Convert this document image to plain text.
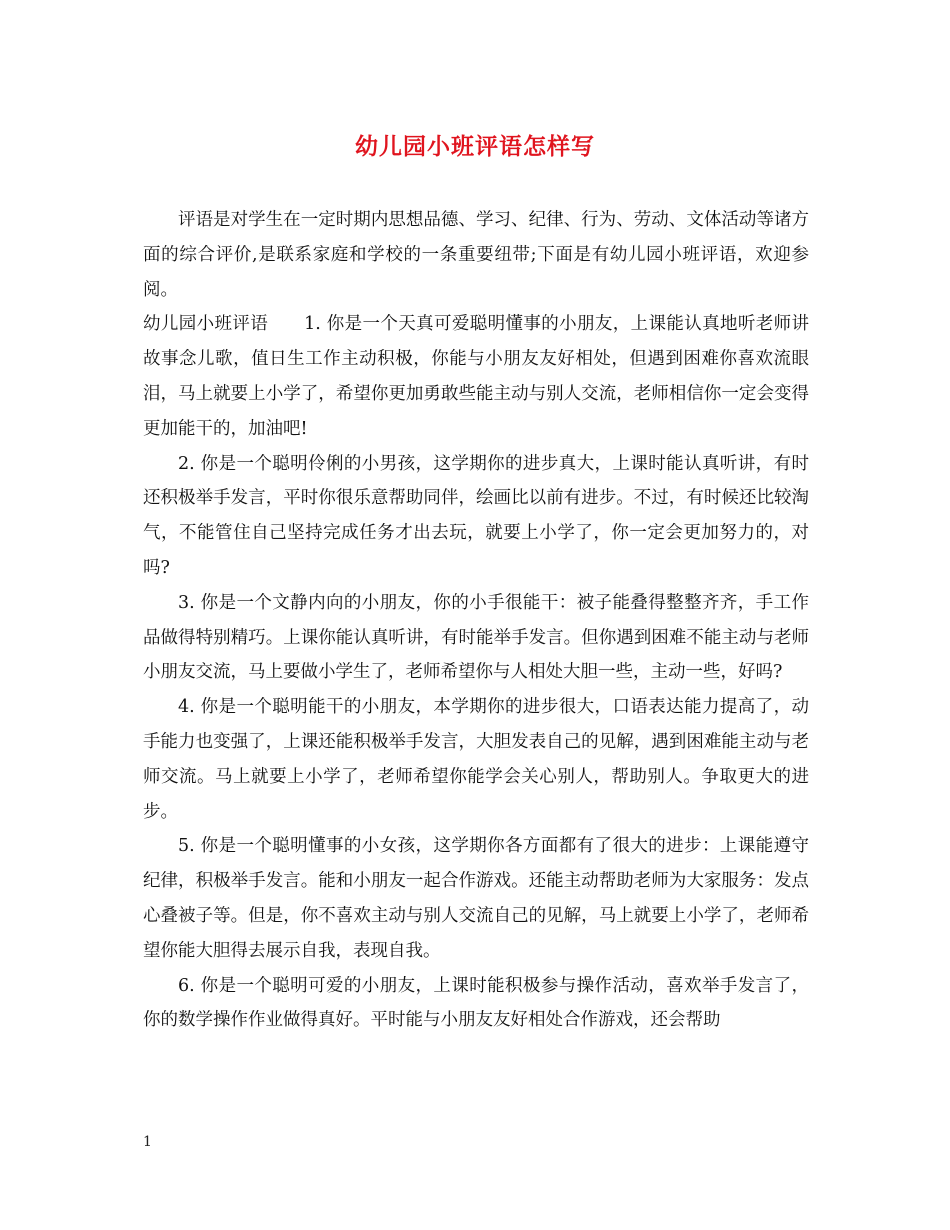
幼儿园小班评语怎样写

评语是对学生在一定时期内思想品德、学习、纪律、行为、劳动、文体活动等诸方面的综合评价,是联系家庭和学校的一条重要纽带;下面是有幼儿园小班评语，欢迎参阅。

幼儿园小班评语 1. 你是一个天真可爱聪明懂事的小朋友，上课能认真地听老师讲故事念儿歌，值日生工作主动积极，你能与小朋友友好相处，但遇到困难你喜欢流眼泪，马上就要上小学了，希望你更加勇敢些能主动与别人交流，老师相信你一定会变得更加能干的，加油吧!

2. 你是一个聪明伶俐的小男孩，这学期你的进步真大，上课时能认真听讲，有时还积极举手发言，平时你很乐意帮助同伴，绘画比以前有进步。不过，有时候还比较淘气，不能管住自己坚持完成任务才出去玩，就要上小学了，你一定会更加努力的，对吗?

3. 你是一个文静内向的小朋友，你的小手很能干：被子能叠得整整齐齐，手工作品做得特别精巧。上课你能认真听讲，有时能举手发言。但你遇到困难不能主动与老师小朋友交流，马上要做小学生了，老师希望你与人相处大胆一些，主动一些，好吗?

4. 你是一个聪明能干的小朋友，本学期你的进步很大，口语表达能力提高了，动手能力也变强了，上课还能积极举手发言，大胆发表自己的见解，遇到困难能主动与老师交流。马上就要上小学了，老师希望你能学会关心别人，帮助别人。争取更大的进步。

5. 你是一个聪明懂事的小女孩，这学期你各方面都有了很大的进步：上课能遵守纪律，积极举手发言。能和小朋友一起合作游戏。还能主动帮助老师为大家服务：发点心叠被子等。但是，你不喜欢主动与别人交流自己的见解，马上就要上小学了，老师希望你能大胆得去展示自我，表现自我。

6. 你是一个聪明可爱的小朋友，上课时能积极参与操作活动，喜欢举手发言了，你的数学操作作业做得真好。平时能与小朋友友好相处合作游戏，还会帮助

1
